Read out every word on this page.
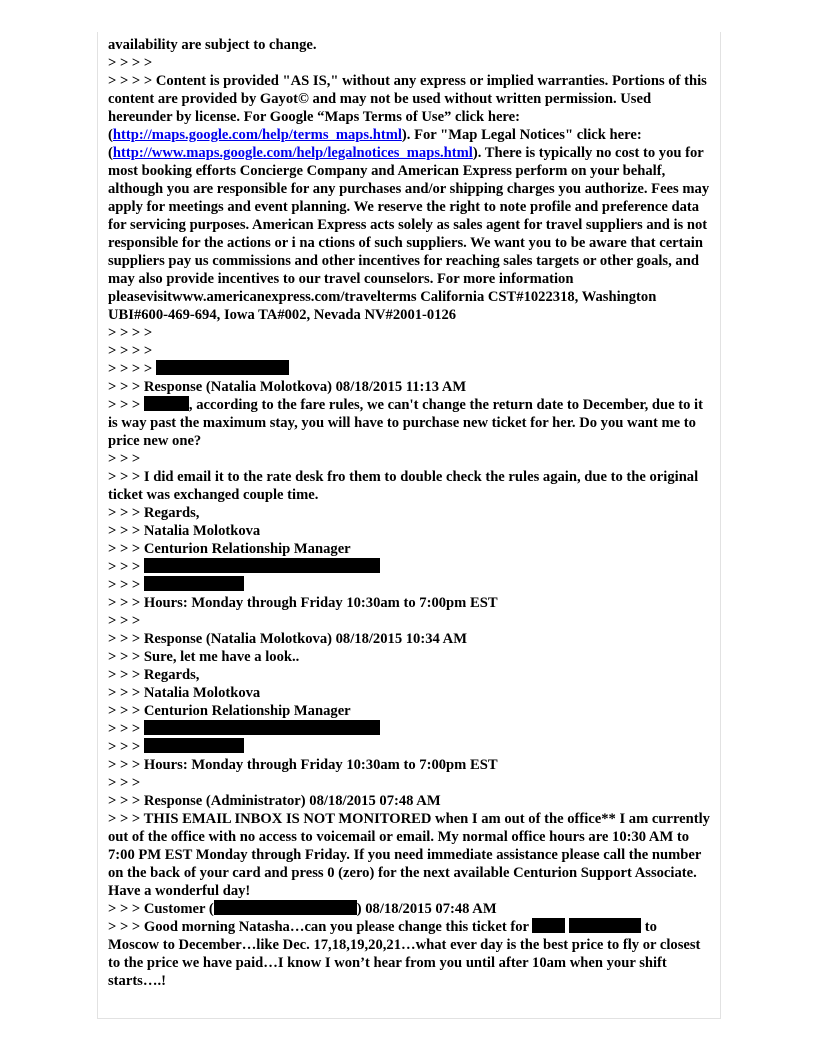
availability are subject to change.
> > > >
> > > > Content is provided "AS IS," without any express or implied warranties. Portions of this content are provided by Gayot© and may not be used without written permission. Used hereunder by license. For Google “Maps Terms of Use” click here: (http://maps.google.com/help/terms_maps.html). For "Map Legal Notices" click here: (http://www.maps.google.com/help/legalnotices_maps.html). There is typically no cost to you for most booking efforts Concierge Company and American Express perform on your behalf, although you are responsible for any purchases and/or shipping charges you authorize. Fees may apply for meetings and event planning. We reserve the right to note profile and preference data for servicing purposes. American Express acts solely as sales agent for travel suppliers and is not responsible for the actions or i na ctions of such suppliers. We want you to be aware that certain suppliers pay us commissions and other incentives for reaching sales targets or other goals, and may also provide incentives to our travel counselors. For more information pleasevisitwww.americanexpress.com/travelterms California CST#1022318, Washington UBI#600-469-694, Iowa TA#002, Nevada NV#2001-0126
> > > >
> > > >
> > > >
> > > Response (Natalia Molotkova) 08/18/2015 11:13 AM
> > >	, according to the fare rules, we can't change the return date to December, due to it is way past the maximum stay, you will have to purchase new ticket for her. Do you want me to price new one?
> > >
> > > I did email it to the rate desk fro them to double check the rules again, due to the original ticket was exchanged couple time.
> > > Regards,
> > > Natalia Molotkova
> > > Centurion Relationship Manager
> > >
> > >
> > > Hours: Monday through Friday 10:30am to 7:00pm EST
> > >
> > > Response (Natalia Molotkova) 08/18/2015 10:34 AM
> > > Sure, let me have a look..
> > > Regards,
> > > Natalia Molotkova
> > > Centurion Relationship Manager
> > >
> > >
> > > Hours: Monday through Friday 10:30am to 7:00pm EST
> > >
> > > Response (Administrator) 08/18/2015 07:48 AM
> > > THIS EMAIL INBOX IS NOT MONITORED when I am out of the office** I am currently out of the office with no access to voicemail or email. My normal office hours are 10:30 AM to 7:00 PM EST Monday through Friday. If you need immediate assistance please call the number on the back of your card and press 0 (zero) for the next available Centurion Support Associate. Have a wonderful day!
> > > Customer (	) 08/18/2015 07:48 AM
> > > Good morning Natasha…can you please change this ticket for	to Moscow to December…like Dec. 17,18,19,20,21…what ever day is the best price to fly or closest to the price we have paid…I know I won’t hear from you until after 10am when your shift starts….!
